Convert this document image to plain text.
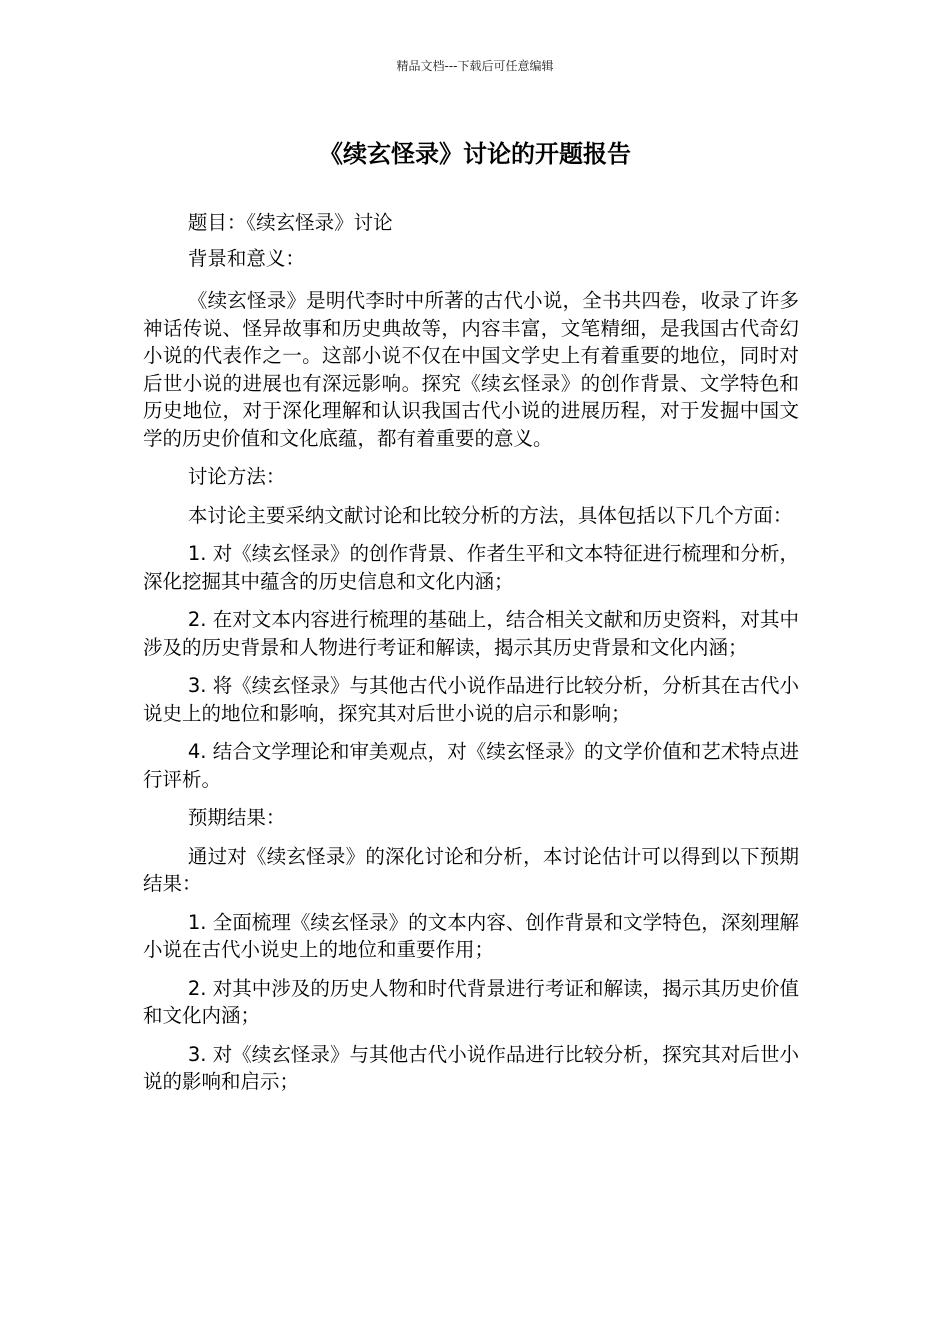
精品文档---下载后可任意编辑
《续玄怪录》讨论的开题报告

题目：《续玄怪录》讨论

背景和意义：

《续玄怪录》是明代李时中所著的古代小说，全书共四卷，收录了许多神话传说、怪异故事和历史典故等，内容丰富，文笔精细，是我国古代奇幻小说的代表作之一。这部小说不仅在中国文学史上有着重要的地位，同时对后世小说的进展也有深远影响。探究《续玄怪录》的创作背景、文学特色和历史地位，对于深化理解和认识我国古代小说的进展历程，对于发掘中国文学的历史价值和文化底蕴，都有着重要的意义。

讨论方法：

本讨论主要采纳文献讨论和比较分析的方法，具体包括以下几个方面：

1. 对《续玄怪录》的创作背景、作者生平和文本特征进行梳理和分析，深化挖掘其中蕴含的历史信息和文化内涵；

2. 在对文本内容进行梳理的基础上，结合相关文献和历史资料，对其中涉及的历史背景和人物进行考证和解读，揭示其历史背景和文化内涵；

3. 将《续玄怪录》与其他古代小说作品进行比较分析，分析其在古代小说史上的地位和影响，探究其对后世小说的启示和影响；

4. 结合文学理论和审美观点，对《续玄怪录》的文学价值和艺术特点进行评析。

预期结果：

通过对《续玄怪录》的深化讨论和分析，本讨论估计可以得到以下预期结果：

1. 全面梳理《续玄怪录》的文本内容、创作背景和文学特色，深刻理解小说在古代小说史上的地位和重要作用；

2. 对其中涉及的历史人物和时代背景进行考证和解读，揭示其历史价值和文化内涵；

3. 对《续玄怪录》与其他古代小说作品进行比较分析，探究其对后世小说的影响和启示；
